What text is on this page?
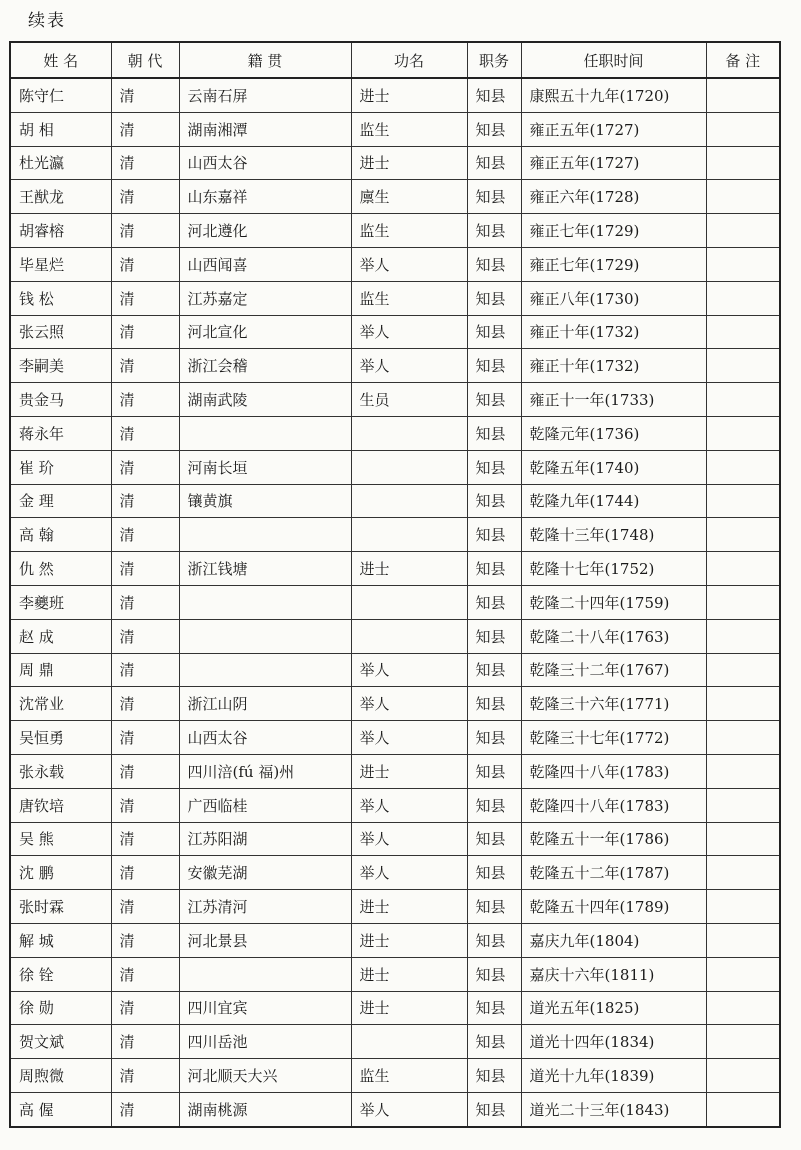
续表
姓 名	朝 代	籍 贯	功名	职务	任职时间	备 注
陈守仁	清	云南石屏	进士	知县	康熙五十九年(1720)	
胡 相	清	湖南湘潭	监生	知县	雍正五年(1727)	
杜光瀛	清	山西太谷	进士	知县	雍正五年(1727)	
王猷龙	清	山东嘉祥	廪生	知县	雍正六年(1728)	
胡睿榕	清	河北遵化	监生	知县	雍正七年(1729)	
毕星烂	清	山西闻喜	举人	知县	雍正七年(1729)	
钱 松	清	江苏嘉定	监生	知县	雍正八年(1730)	
张云照	清	河北宣化	举人	知县	雍正十年(1732)	
李嗣美	清	浙江会稽	举人	知县	雍正十年(1732)	
贵金马	清	湖南武陵	生员	知县	雍正十一年(1733)	
蒋永年	清			知县	乾隆元年(1736)	
崔 玠	清	河南长垣		知县	乾隆五年(1740)	
金 理	清	镶黄旗		知县	乾隆九年(1744)	
高 翰	清			知县	乾隆十三年(1748)	
仇 然	清	浙江钱塘	进士	知县	乾隆十七年(1752)	
李夔班	清			知县	乾隆二十四年(1759)	
赵 成	清			知县	乾隆二十八年(1763)	
周 鼎	清		举人	知县	乾隆三十二年(1767)	
沈常业	清	浙江山阴	举人	知县	乾隆三十六年(1771)	
吴恒勇	清	山西太谷	举人	知县	乾隆三十七年(1772)	
张永载	清	四川涪(fú 福)州	进士	知县	乾隆四十八年(1783)	
唐钦培	清	广西临桂	举人	知县	乾隆四十八年(1783)	
吴 熊	清	江苏阳湖	举人	知县	乾隆五十一年(1786)	
沈 鹏	清	安徽芜湖	举人	知县	乾隆五十二年(1787)	
张时霖	清	江苏清河	进士	知县	乾隆五十四年(1789)	
解 城	清	河北景县	进士	知县	嘉庆九年(1804)	
徐 铨	清		进士	知县	嘉庆十六年(1811)	
徐 勋	清	四川宜宾	进士	知县	道光五年(1825)	
贺文斌	清	四川岳池		知县	道光十四年(1834)	
周煦微	清	河北顺天大兴	监生	知县	道光十九年(1839)	
高 偓	清	湖南桃源	举人	知县	道光二十三年(1843)	
